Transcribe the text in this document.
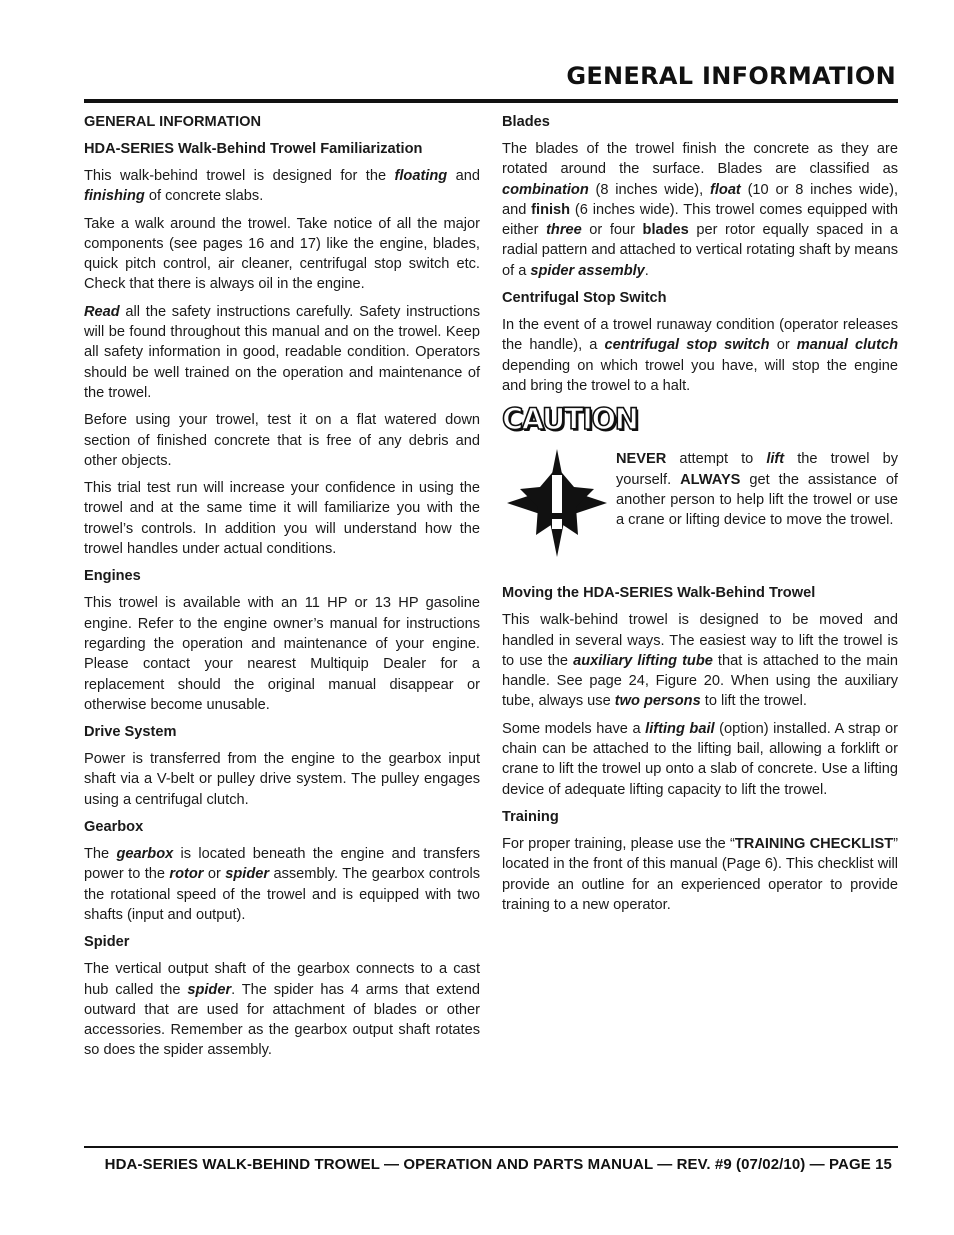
GENERAL INFORMATION
GENERAL INFORMATION
HDA-SERIES Walk-Behind Trowel Familiarization

This walk-behind trowel is designed for the floating and finishing of concrete slabs.

Take a walk around the trowel. Take notice of all the major components (see pages 16 and 17) like the engine, blades, quick pitch control, air cleaner, centrifugal stop switch etc. Check that there is always oil in the engine.

Read all the safety instructions carefully. Safety instructions will be found throughout this manual and on the trowel. Keep all safety information in good, readable condition. Operators should be well trained on the operation and maintenance of the trowel.

Before using your trowel, test it on a flat watered down section of finished concrete that is free of any debris and other objects.

This trial test run will increase your confidence in using the trowel and at the same time it will familiarize you with the trowel’s controls. In addition you will understand how the trowel handles under actual conditions.

Engines

This trowel is available with an 11 HP or 13 HP gasoline engine. Refer to the engine owner’s manual for instructions regarding the operation and maintenance of your engine. Please contact your nearest Multiquip Dealer for a replacement should the original manual disappear or otherwise become unusable.

Drive System

Power is transferred from the engine to the gearbox input shaft via a V-belt or pulley drive system. The pulley engages using a centrifugal clutch.

Gearbox

The gearbox is located beneath the engine and transfers power to the rotor or spider assembly. The gearbox controls the rotational speed of the trowel and is equipped with two shafts (input and output).

Spider

The vertical output shaft of the gearbox connects to a cast hub called the spider. The spider has 4 arms that extend outward that are used for attachment of blades or other accessories. Remember as the gearbox output shaft rotates so does the spider assembly.

Blades

The blades of the trowel finish the concrete as they are rotated around the surface. Blades are classified as combination (8 inches wide), float (10 or 8 inches wide), and finish (6 inches wide). This trowel comes equipped with either three or four blades per rotor equally spaced in a radial pattern and attached to vertical rotating shaft by means of a spider assembly.

Centrifugal Stop Switch

In the event of a trowel runaway condition (operator releases the handle), a centrifugal stop switch or manual clutch depending on which trowel you have, will stop the engine and bring the trowel to a halt.

CAUTION
NEVER attempt to lift the trowel by yourself. ALWAYS get the assistance of another person to help lift the trowel or use a crane or lifting device to move the trowel.
Moving the HDA-SERIES Walk-Behind Trowel

This walk-behind trowel is designed to be moved and handled in several ways. The easiest way to lift the trowel is to use the auxiliary lifting tube that is attached to the main handle. See page 24, Figure 20. When using the auxiliary tube, always use two persons to lift the trowel.

Some models have a lifting bail (option) installed. A strap or chain can be attached to the lifting bail, allowing a forklift or crane to lift the trowel up onto a slab of concrete. Use a lifting device of adequate lifting capacity to lift the trowel.

Training

For proper training, please use the “TRAINING CHECKLIST” located in the front of this manual (Page 6). This checklist will provide an outline for an experienced operator to provide training to a new operator.

HDA-SERIES WALK-BEHIND TROWEL — OPERATION AND PARTS MANUAL — REV. #9 (07/02/10) — PAGE 15
